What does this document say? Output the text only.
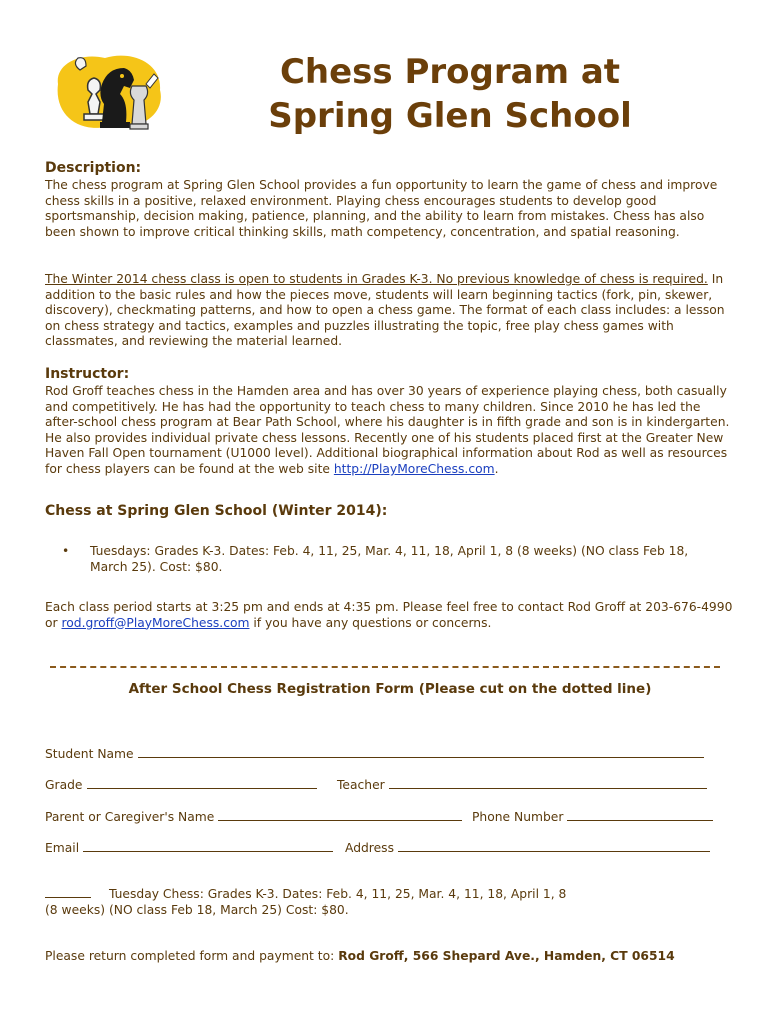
Chess Program at
Spring Glen School
Description:

The chess program at Spring Glen School provides a fun opportunity to learn the game of chess and improve chess skills in a positive, relaxed environment. Playing chess encourages students to develop good sportsmanship, decision making, patience, planning, and the ability to learn from mistakes. Chess has also been shown to improve critical thinking skills, math competency, concentration, and spatial reasoning.

The Winter 2014 chess class is open to students in Grades K-3. No previous knowledge of chess is required. In addition to the basic rules and how the pieces move, students will learn beginning tactics (fork, pin, skewer, discovery), checkmating patterns, and how to open a chess game. The format of each class includes: a lesson on chess strategy and tactics, examples and puzzles illustrating the topic, free play chess games with classmates, and reviewing the material learned.

Instructor:

Rod Groff teaches chess in the Hamden area and has over 30 years of experience playing chess, both casually and competitively. He has had the opportunity to teach chess to many children. Since 2010 he has led the after-school chess program at Bear Path School, where his daughter is in fifth grade and son is in kindergarten. He also provides individual private chess lessons. Recently one of his students placed first at the Greater New Haven Fall Open tournament (U1000 level). Additional biographical information about Rod as well as resources for chess players can be found at the web site http://PlayMoreChess.com.

Chess at Spring Glen School (Winter 2014):
• Tuesdays: Grades K-3. Dates: Feb. 4, 11, 25, Mar. 4, 11, 18, April 1, 8 (8 weeks) (NO class Feb 18, March 25). Cost: $80.

Each class period starts at 3:25 pm and ends at 4:35 pm. Please feel free to contact Rod Groff at 203-676-4990 or rod.groff@PlayMoreChess.com if you have any questions or concerns.

After School Chess Registration Form (Please cut on the dotted line)
Student Name
Grade	Teacher
Parent or Caregiver's Name	Phone Number
Email	Address
Tuesday Chess: Grades K-3. Dates: Feb. 4, 11, 25, Mar. 4, 11, 18, April 1, 8
(8 weeks) (NO class Feb 18, March 25) Cost: $80.
Please return completed form and payment to: Rod Groff, 566 Shepard Ave., Hamden, CT 06514
